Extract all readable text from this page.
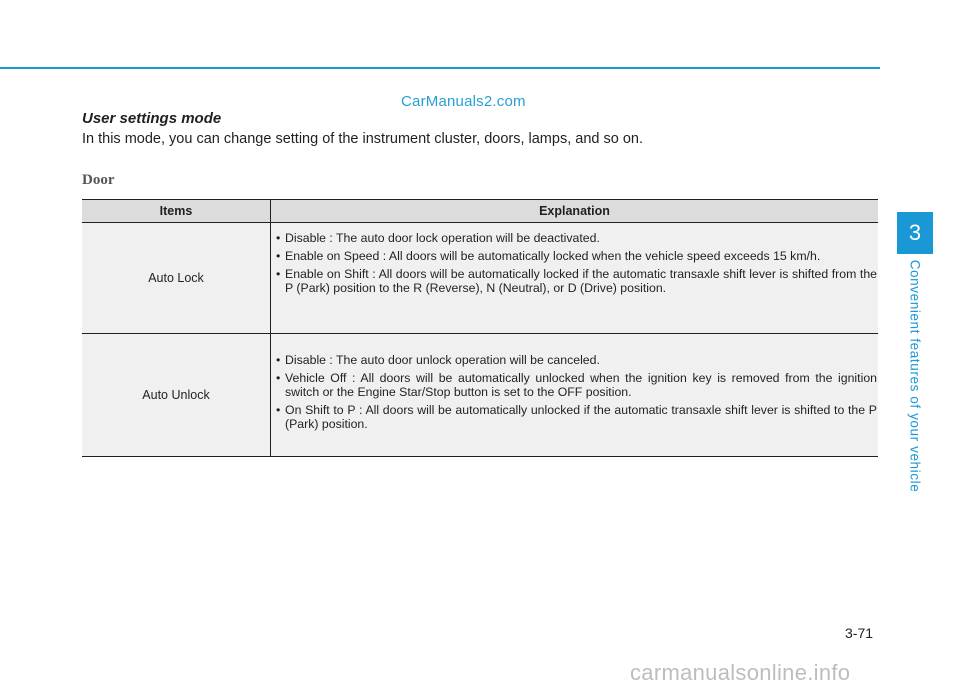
CarManuals2.com
User settings mode
In this mode, you can change setting of the instrument cluster, doors, lamps, and so on.
Door
Items	Explanation
Auto Lock
• Disable : The auto door lock operation will be deactivated.
• Enable on Speed : All doors will be automatically locked when the vehicle speed exceeds 15 km/h.
• Enable on Shift : All doors will be automatically locked if the automatic transaxle shift lever is shifted from the P (Park) position to the R (Reverse), N (Neutral), or D (Drive) position.
Auto Unlock
• Disable : The auto door unlock operation will be canceled.
• Vehicle Off : All doors will be automatically unlocked when the ignition key is removed from the ignition switch or the Engine Star/Stop button is set to the OFF position.
• On Shift to P : All doors will be automatically unlocked if the automatic transaxle shift lever is shifted to the P (Park) position.
3
Convenient features of your vehicle
3-71
carmanualsonline.info
